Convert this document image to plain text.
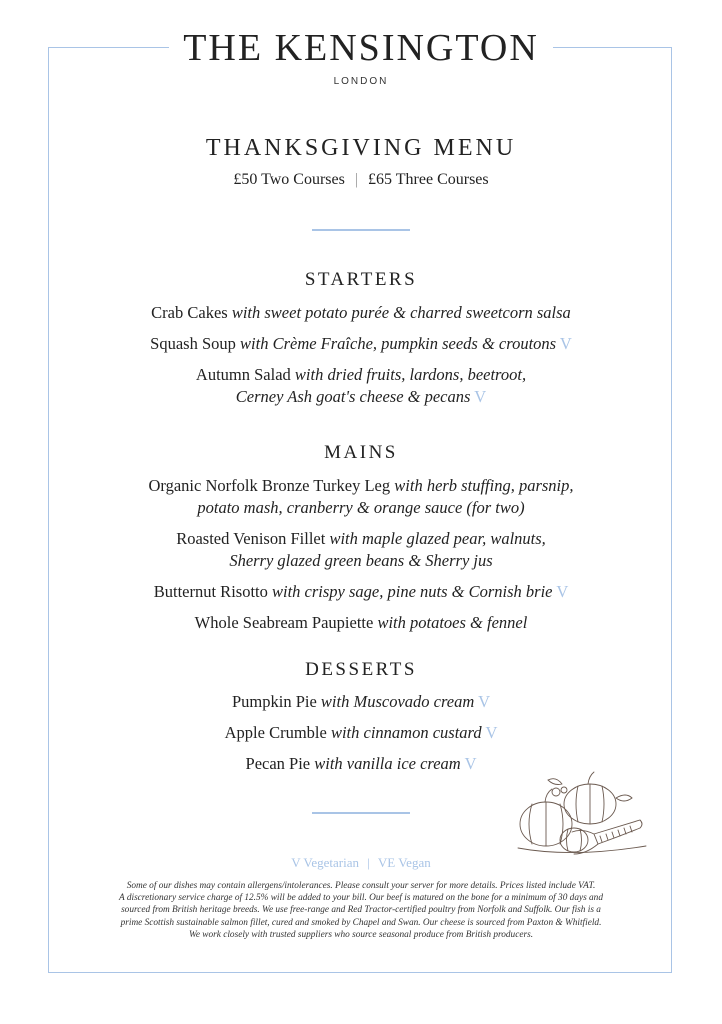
THE KENSINGTON
LONDON
THANKSGIVING MENU
£50 Two Courses | £65 Three Courses
STARTERS
Crab Cakes with sweet potato purée & charred sweetcorn salsa
Squash Soup with Crème Fraîche, pumpkin seeds & croutons V
Autumn Salad with dried fruits, lardons, beetroot,
Cerney Ash goat's cheese & pecans V
MAINS
Organic Norfolk Bronze Turkey Leg with herb stuffing, parsnip,
potato mash, cranberry & orange sauce (for two)
Roasted Venison Fillet with maple glazed pear, walnuts,
Sherry glazed green beans & Sherry jus
Butternut Risotto with crispy sage, pine nuts & Cornish brie V
Whole Seabream Paupiette with potatoes & fennel
DESSERTS
Pumpkin Pie with Muscovado cream V
Apple Crumble with cinnamon custard V
Pecan Pie with vanilla ice cream V
V Vegetarian | VE Vegan
Some of our dishes may contain allergens/intolerances. Please consult your server for more details. Prices listed include VAT.
A discretionary service charge of 12.5% will be added to your bill. Our beef is matured on the bone for a minimum of 30 days and
sourced from British heritage breeds. We use free-range and Red Tractor-certified poultry from Norfolk and Suffolk. Our fish is a
prime Scottish sustainable salmon fillet, cured and smoked by Chapel and Swan. Our cheese is sourced from Paxton & Whitfield.
We work closely with trusted suppliers who source seasonal produce from British producers.
